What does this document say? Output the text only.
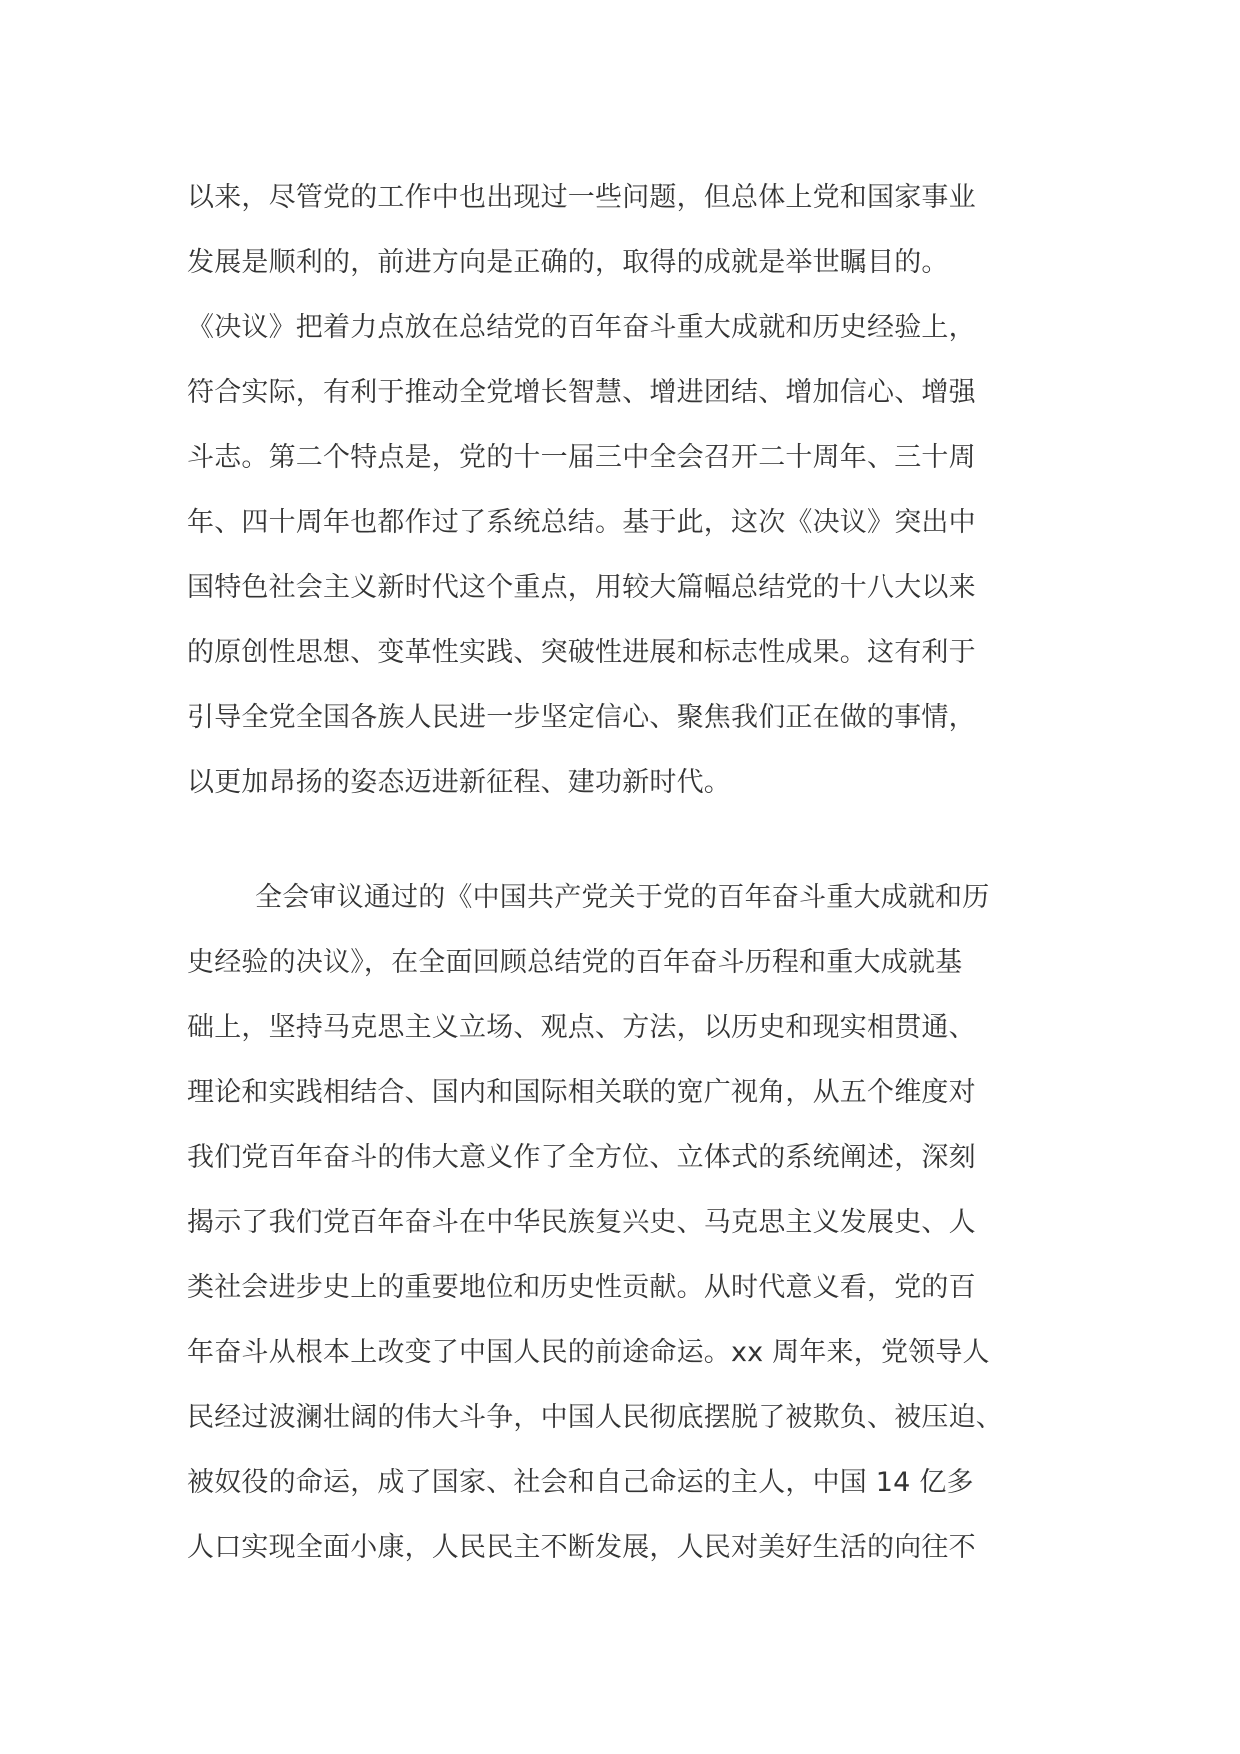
以来，尽管党的工作中也出现过一些问题，但总体上党和国家事业
发展是顺利的，前进方向是正确的，取得的成就是举世瞩目的。
《决议》把着力点放在总结党的百年奋斗重大成就和历史经验上，
符合实际，有利于推动全党增长智慧、增进团结、增加信心、增强
斗志。第二个特点是，党的十一届三中全会召开二十周年、三十周
年、四十周年也都作过了系统总结。基于此，这次《决议》突出中
国特色社会主义新时代这个重点，用较大篇幅总结党的十八大以来
的原创性思想、变革性实践、突破性进展和标志性成果。这有利于
引导全党全国各族人民进一步坚定信心、聚焦我们正在做的事情，
以更加昂扬的姿态迈进新征程、建功新时代。
全会审议通过的《中国共产党关于党的百年奋斗重大成就和历
史经验的决议》，在全面回顾总结党的百年奋斗历程和重大成就基
础上，坚持马克思主义立场、观点、方法，以历史和现实相贯通、
理论和实践相结合、国内和国际相关联的宽广视角，从五个维度对
我们党百年奋斗的伟大意义作了全方位、立体式的系统阐述，深刻
揭示了我们党百年奋斗在中华民族复兴史、马克思主义发展史、人
类社会进步史上的重要地位和历史性贡献。从时代意义看，党的百
年奋斗从根本上改变了中国人民的前途命运。xx 周年来，党领导人
民经过波澜壮阔的伟大斗争，中国人民彻底摆脱了被欺负、被压迫、
被奴役的命运，成了国家、社会和自己命运的主人，中国 14 亿多
人口实现全面小康，人民民主不断发展，人民对美好生活的向往不
